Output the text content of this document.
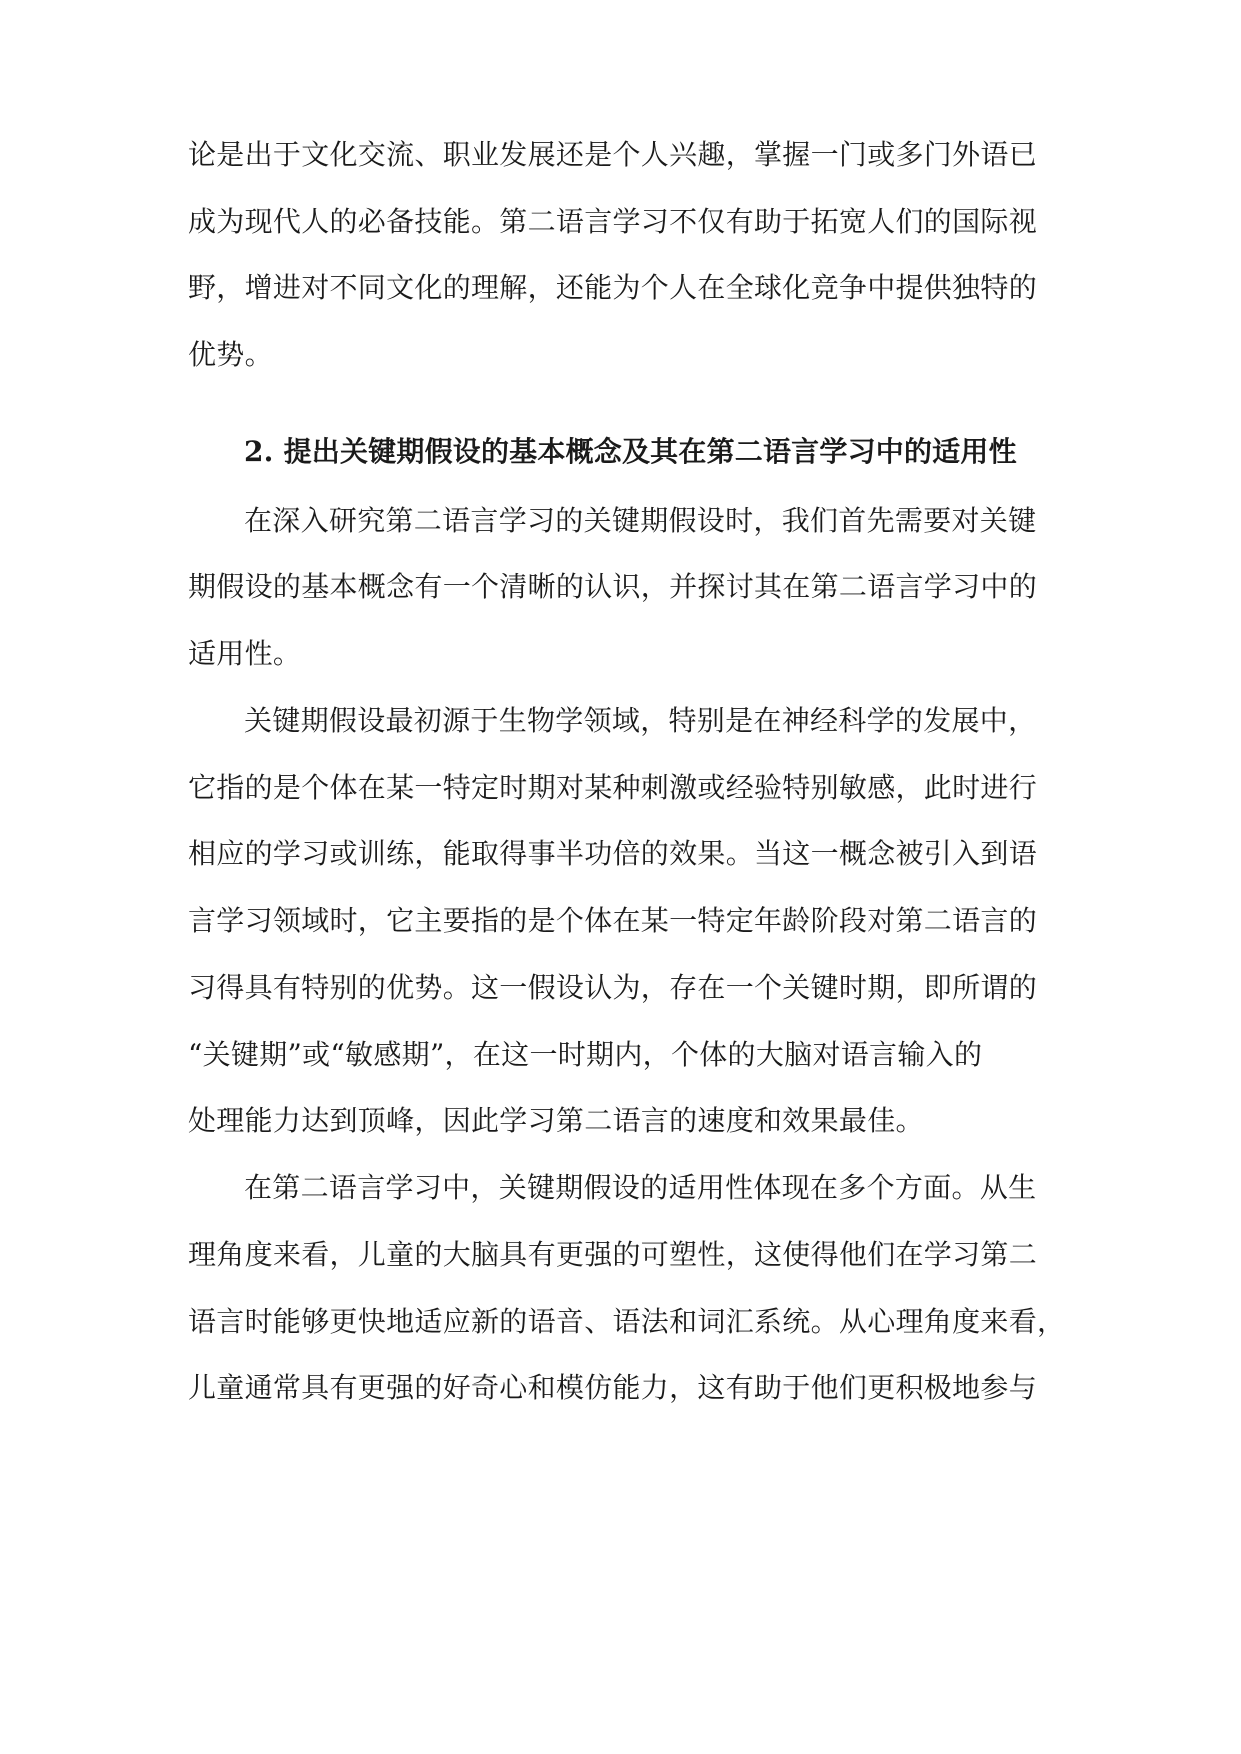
论是出于文化交流、职业发展还是个人兴趣，掌握一门或多门外语已
成为现代人的必备技能。第二语言学习不仅有助于拓宽人们的国际视
野，增进对不同文化的理解，还能为个人在全球化竞争中提供独特的
优势。
2. 提出关键期假设的基本概念及其在第二语言学习中的适用性
在深入研究第二语言学习的关键期假设时，我们首先需要对关键
期假设的基本概念有一个清晰的认识，并探讨其在第二语言学习中的
适用性。
关键期假设最初源于生物学领域，特别是在神经科学的发展中，
它指的是个体在某一特定时期对某种刺激或经验特别敏感，此时进行
相应的学习或训练，能取得事半功倍的效果。当这一概念被引入到语
言学习领域时，它主要指的是个体在某一特定年龄阶段对第二语言的
习得具有特别的优势。这一假设认为，存在一个关键时期，即所谓的
“关键期”或“敏感期”，在这一时期内，个体的大脑对语言输入的
处理能力达到顶峰，因此学习第二语言的速度和效果最佳。
在第二语言学习中，关键期假设的适用性体现在多个方面。从生
理角度来看，儿童的大脑具有更强的可塑性，这使得他们在学习第二
语言时能够更快地适应新的语音、语法和词汇系统。从心理角度来看，
儿童通常具有更强的好奇心和模仿能力，这有助于他们更积极地参与
